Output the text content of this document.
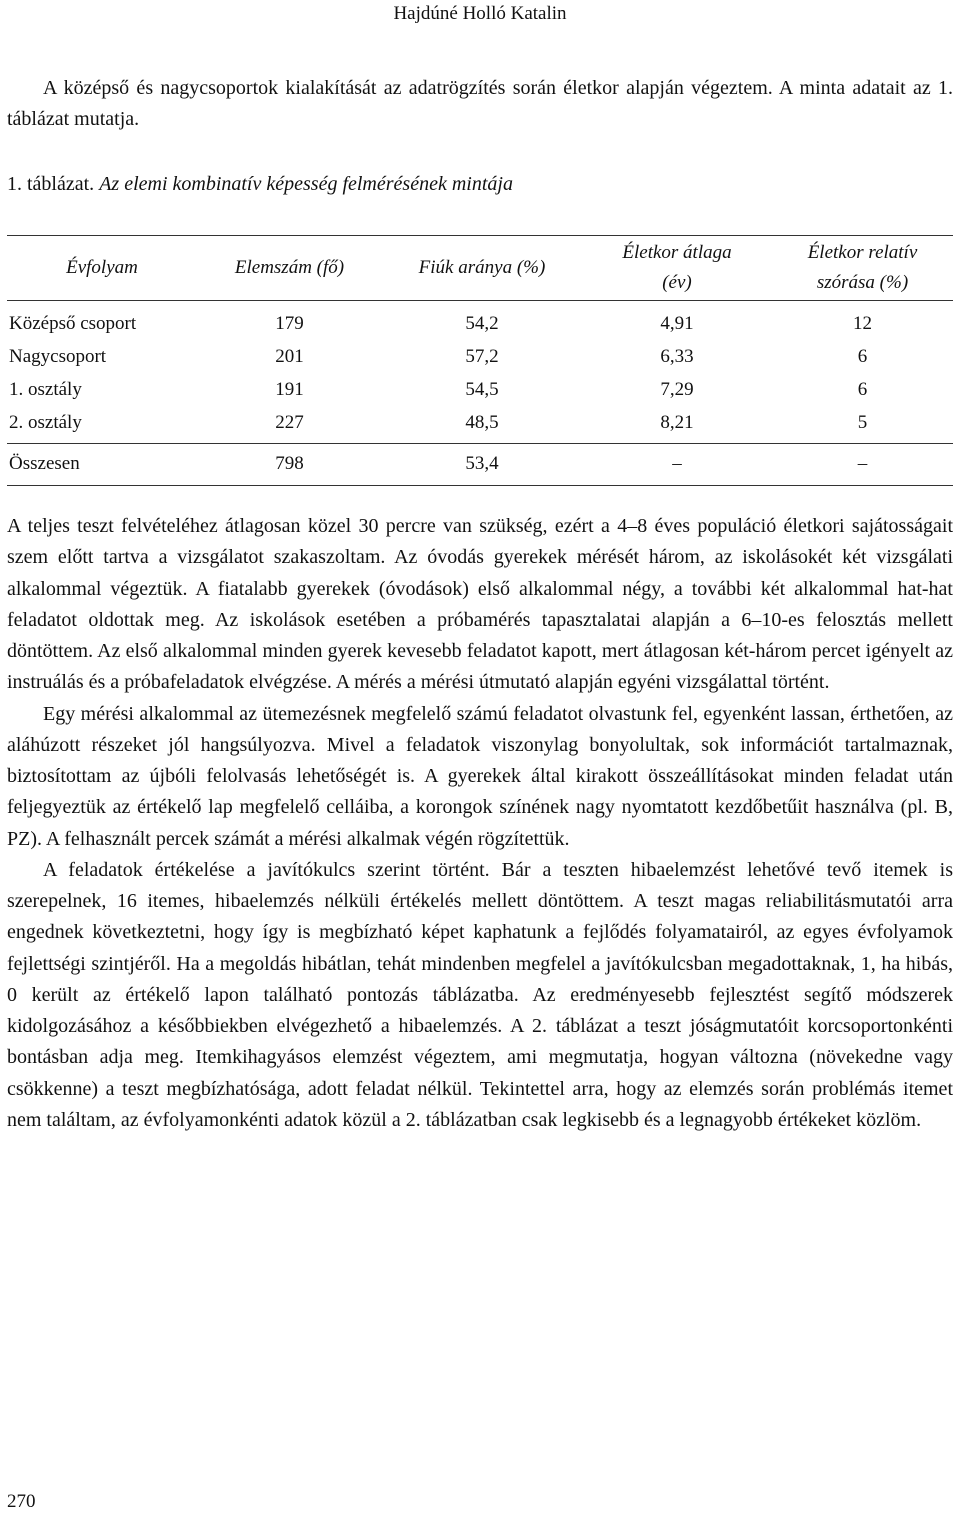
Hajdúné Holló Katalin

A középső és nagycsoportok kialakítását az adatrögzítés során életkor alapján végeztem. A minta adatait az 1. táblázat mutatja.

1. táblázat. Az elemi kombinatív képesség felmérésének mintája
Évfolyam	Elemszám (fő)	Fiúk aránya (%)	Életkor átlaga (év)	Életkor relatív szórása (%)

Középső csoport	179	54,2	4,91	12
Nagycsoport	201	57,2	6,33	6
1. osztály	191	54,5	7,29	6
2. osztály	227	48,5	8,21	5
Összesen	798	53,4	–	–

A teljes teszt felvételéhez átlagosan közel 30 percre van szükség, ezért a 4–8 éves populáció életkori sajátosságait szem előtt tartva a vizsgálatot szakaszoltam. Az óvodás gyerekek mérését három, az iskolásokét két vizsgálati alkalommal végeztük. A fiatalabb gyerekek (óvodások) első alkalommal négy, a további két alkalommal hat-hat feladatot oldottak meg. Az iskolások esetében a próbamérés tapasztalatai alapján a 6–10-es felosztás mellett döntöttem. Az első alkalommal minden gyerek kevesebb feladatot kapott, mert átlagosan két-három percet igényelt az instruálás és a próbafeladatok elvégzése. A mérés a mérési útmutató alapján egyéni vizsgálattal történt.

Egy mérési alkalommal az ütemezésnek megfelelő számú feladatot olvastunk fel, egyenként lassan, érthetően, az aláhúzott részeket jól hangsúlyozva. Mivel a feladatok viszonylag bonyolultak, sok információt tartalmaznak, biztosítottam az újbóli felolvasás lehetőségét is. A gyerekek által kirakott összeállításokat minden feladat után feljegyeztük az értékelő lap megfelelő celláiba, a korongok színének nagy nyomtatott kezdőbetűit használva (pl. B, PZ). A felhasznált percek számát a mérési alkalmak végén rögzítettük.

A feladatok értékelése a javítókulcs szerint történt. Bár a teszten hibaelemzést lehetővé tevő itemek is szerepelnek, 16 itemes, hibaelemzés nélküli értékelés mellett döntöttem. A teszt magas reliabilitásmutatói arra engednek következtetni, hogy így is megbízható képet kaphatunk a fejlődés folyamatairól, az egyes évfolyamok fejlettségi szintjéről. Ha a megoldás hibátlan, tehát mindenben megfelel a javítókulcsban megadottaknak, 1, ha hibás, 0 került az értékelő lapon található pontozás táblázatba. Az eredményesebb fejlesztést segítő módszerek kidolgozásához a későbbiekben elvégezhető a hibaelemzés. A 2. táblázat a teszt jóságmutatóit korcsoportonkénti bontásban adja meg. Itemkihagyásos elemzést végeztem, ami megmutatja, hogyan változna (növekedne vagy csökkenne) a teszt megbízhatósága, adott feladat nélkül. Tekintettel arra, hogy az elemzés során problémás itemet nem találtam, az évfolyamonkénti adatok közül a 2. táblázatban csak legkisebb és a legnagyobb értékeket közlöm.

270
